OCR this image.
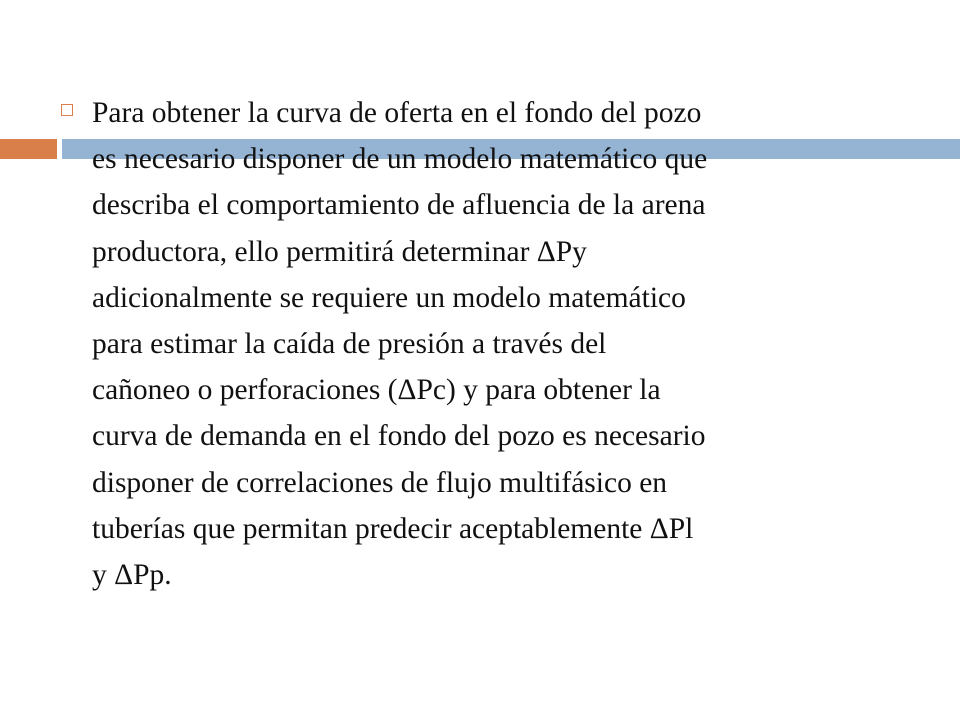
Para obtener la curva de oferta en el fondo del pozo
es necesario disponer de un modelo matemático que
describa el comportamiento de afluencia de la arena
productora, ello permitirá determinar ΔPy
adicionalmente se requiere un modelo matemático
para estimar la caída de presión a través del
cañoneo o perforaciones (ΔPc) y para obtener la
curva de demanda en el fondo del pozo es necesario
disponer de correlaciones de flujo multifásico en
tuberías que permitan predecir aceptablemente ΔPl
y ΔPp.
